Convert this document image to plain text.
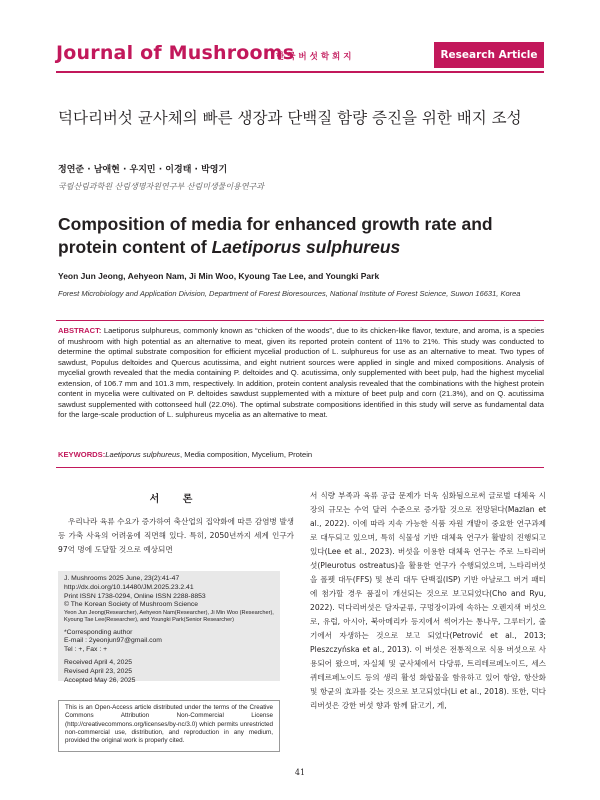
Journal of Mushrooms
한국버섯학회지	Research Article
덕다리버섯 균사체의 빠른 생장과 단백질 함량 증진을 위한 배지 조성
정연준 · 남애현 · 우지민 · 이경태 · 박영기
국립산림과학원 산림생명자원연구부 산림미생물이용연구과
Composition of media for enhanced growth rate and protein content of Laetiporus sulphureus
Yeon Jun Jeong, Aehyeon Nam, Ji Min Woo, Kyoung Tae Lee, and Youngki Park
Forest Microbiology and Application Division, Department of Forest Bioresources, National Institute of Forest Science, Suwon 16631, Korea
ABSTRACT: Laetiporus sulphureus, commonly known as “chicken of the woods”, due to its chicken-like flavor, texture, and aroma, is a species of mushroom with high potential as an alternative to meat, given its reported protein content of 11% to 21%. This study was conducted to determine the optimal substrate composition for efficient mycelial production of L. sulphureus for use as an alternative to meat. Two types of sawdust, Populus deltoides and Quercus acutissima, and eight nutrient sources were applied in single and mixed compositions. Analysis of mycelial growth revealed that the media containing P. deltoides and Q. acutissima, only supplemented with beet pulp, had the highest mycelial extension, of 106.7 mm and 101.3 mm, respectively. In addition, protein content analysis revealed that the combinations with the highest protein content in mycelia were cultivated on P. deltoides sawdust supplemented with a mixture of beet pulp and corn (21.3%), and on Q. acutissima sawdust supplemented with cottonseed hull (22.0%). The optimal substrate compositions identified in this study will serve as fundamental data for the large-scale production of L. sulphureus mycelia as an alternative to meat.
KEYWORDS:Laetiporus sulphureus, Media composition, Mycelium, Protein
서 론

우리나라 육류 수요가 증가하여 축산업의 집약화에 따른 감염병 발생 등 가축 사육의 어려움에 직면해 있다. 특히, 2050년까지 세계 인구가 97억 명에 도달할 것으로 예상되면

J. Mushrooms 2025 June, 23(2):41-47
http://dx.doi.org/10.14480/JM.2025.23.2.41
Print ISSN 1738-0294, Online ISSN 2288-8853
© The Korean Society of Mushroom Science
Yeon Jun Jeong(Researcher), Aehyeon Nam(Researcher), Ji Min Woo (Researcher), Kyoung Tae Lee(Researcher), and Youngki Park(Senior Researcher)
*Corresponding author
E-mail : 2yeonjun97@gmail.com
Tel : +, Fax : +
Received April 4, 2025
Revised April 23, 2025
Accepted May 26, 2025
This is an Open-Access article distributed under the terms of the Creative Commons Attribution Non-Commercial License (http://creativecommons.org/licenses/by-nc/3.0) which permits unrestricted non-commercial use, distribution, and reproduction in any medium, provided the original work is properly cited.

서 식량 부족과 육류 공급 문제가 더욱 심화됨으로써 글로벌 대체육 시장의 규모는 수억 달러 수준으로 증가할 것으로 전망된다(Mazlan et al., 2022). 이에 따라 지속 가능한 식품 자원 개발이 중요한 연구과제로 대두되고 있으며, 특히 식물성 기반 대체육 연구가 활발히 진행되고 있다(Lee et al., 2023). 버섯을 이용한 대체육 연구는 주로 느타리버섯(Pleurotus ostreatus)을 활용한 연구가 수행되었으며, 느타리버섯을 폴펫 대두(FFS) 및 분리 대두 단백질(ISP) 기반 아날로그 버거 패티에 첨가할 경우 품질이 개선되는 것으로 보고되었다(Cho and Ryu, 2022). 덕다리버섯은 담자균류, 구멍장이과에 속하는 오렌지색 버섯으로, 유럽, 아시아, 북아메리카 등지에서 썩어가는 통나무, 그루터기, 줄기에서 자생하는 것으로 보고 되었다(Petrović et al., 2013; Pleszczyńska et al., 2013). 이 버섯은 전통적으로 식용 버섯으로 사용되어 왔으며, 자실체 및 균사체에서 다당류, 트리테르페노이드, 세스퀴테르페노이드 등의 생리 활성 화합물을 함유하고 있어 항암, 항산화 및 항균의 효과를 갖는 것으로 보고되었다(Li et al., 2018). 또한, 덕다리버섯은 강한 버섯 향과 함께 닭고기, 게,

41
